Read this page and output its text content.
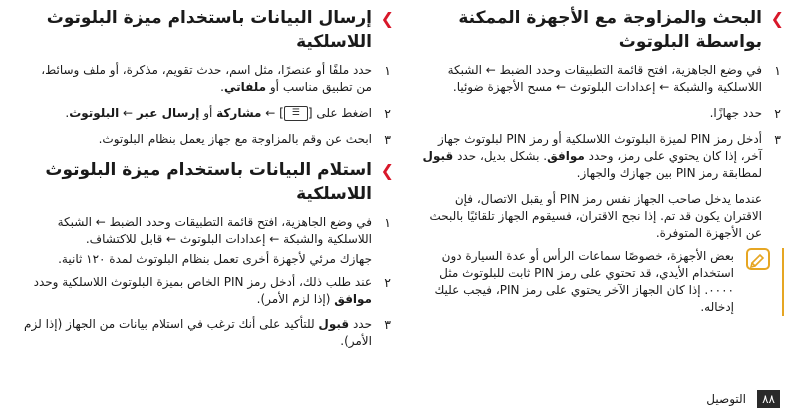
❯
البحث والمزاوجة مع الأجهزة الممكنة بواسطة البلوتوث
١
في وضع الجاهزية، افتح قائمة التطبيقات وحدد الضبط ← الشبكة اللاسلكية والشبكة ← إعدادات البلوتوث ← مسح الأجهزة ضوئيا.
٢
حدد جهازًا.
٣
أدخل رمز PIN لميزة البلوتوث اللاسلكية أو رمز PIN لبلوتوث جهاز آخر، إذا كان يحتوي على رمز، وحدد موافق. بشكل بديل، حدد قبول لمطابقة رمز PIN بين جهازك والجهاز.
عندما يدخل صاحب الجهاز نفس رمز PIN أو يقبل الاتصال، فإن الاقتران يكون قد تم. إذا نجح الاقتران، فسيقوم الجهاز تلقائيًا بالبحث عن الأجهزة المتوفرة.
بعض الأجهزة، خصوصًا سماعات الرأس أو عدة السيارة دون استخدام الأيدي، قد تحتوي على رمز PIN ثابت للبلوتوث مثل ٠٠٠٠. إذا كان الجهاز الآخر يحتوي على رمز PIN، فيجب عليك إدخاله.
❯
إرسال البيانات باستخدام ميزة البلوتوث اللاسلكية
١
حدد ملفًا أو عنصرًا، مثل اسم، حدث تقويم، مذكرة، أو ملف وسائط، من تطبيق مناسب أو ملفاتي.
٢
اضغط على [☰] ← مشاركة أو إرسال عبر ← البلوتوث.
٣
ابحث عن وقم بالمزاوجة مع جهاز يعمل بنظام البلوتوث.
❯
استلام البيانات باستخدام ميزة البلوتوث اللاسلكية
١
في وضع الجاهزية، افتح قائمة التطبيقات وحدد الضبط ← الشبكة اللاسلكية والشبكة ← إعدادات البلوتوث ← قابل للاكتشاف.
جهازك مرئي لأجهزة أخرى تعمل بنظام البلوتوث لمدة ١٢٠ ثانية.
٢
عند طلب ذلك، أدخل رمز PIN الخاص بميزة البلوتوث اللاسلكية وحدد موافق (إذا لزم الأمر).
٣
حدد قبول للتأكيد على أنك ترغب في استلام بيانات من الجهاز (إذا لزم الأمر).
٨٨ التوصيل
